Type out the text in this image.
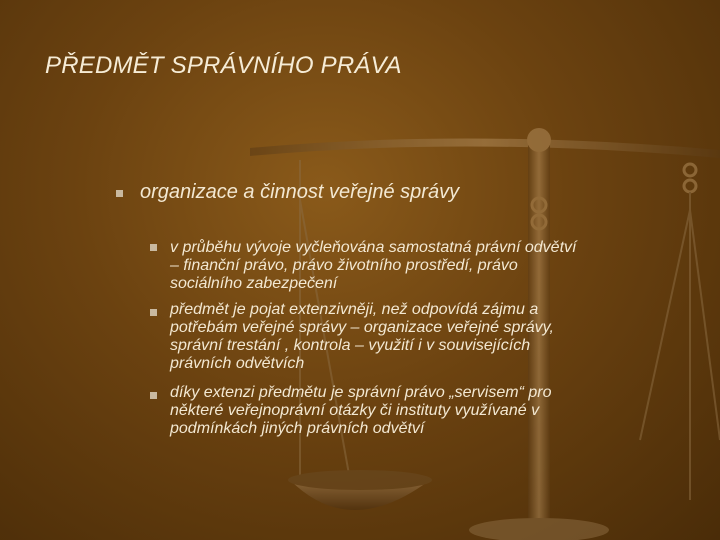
PŘEDMĚT SPRÁVNÍHO PRÁVA
organizace a činnost veřejné správy
v průběhu vývoje vyčleňována samostatná právní odvětví
– finanční právo, právo životního prostředí, právo
sociálního zabezpečení
předmět je pojat extenzivněji, než odpovídá zájmu a
potřebám veřejné správy – organizace veřejné správy,
správní trestání , kontrola – využití i v souvisejících
právních odvětvích
díky extenzi předmětu je správní právo „servisem“ pro
některé veřejnoprávní otázky či instituty využívané v
podmínkách jiných právních odvětví
